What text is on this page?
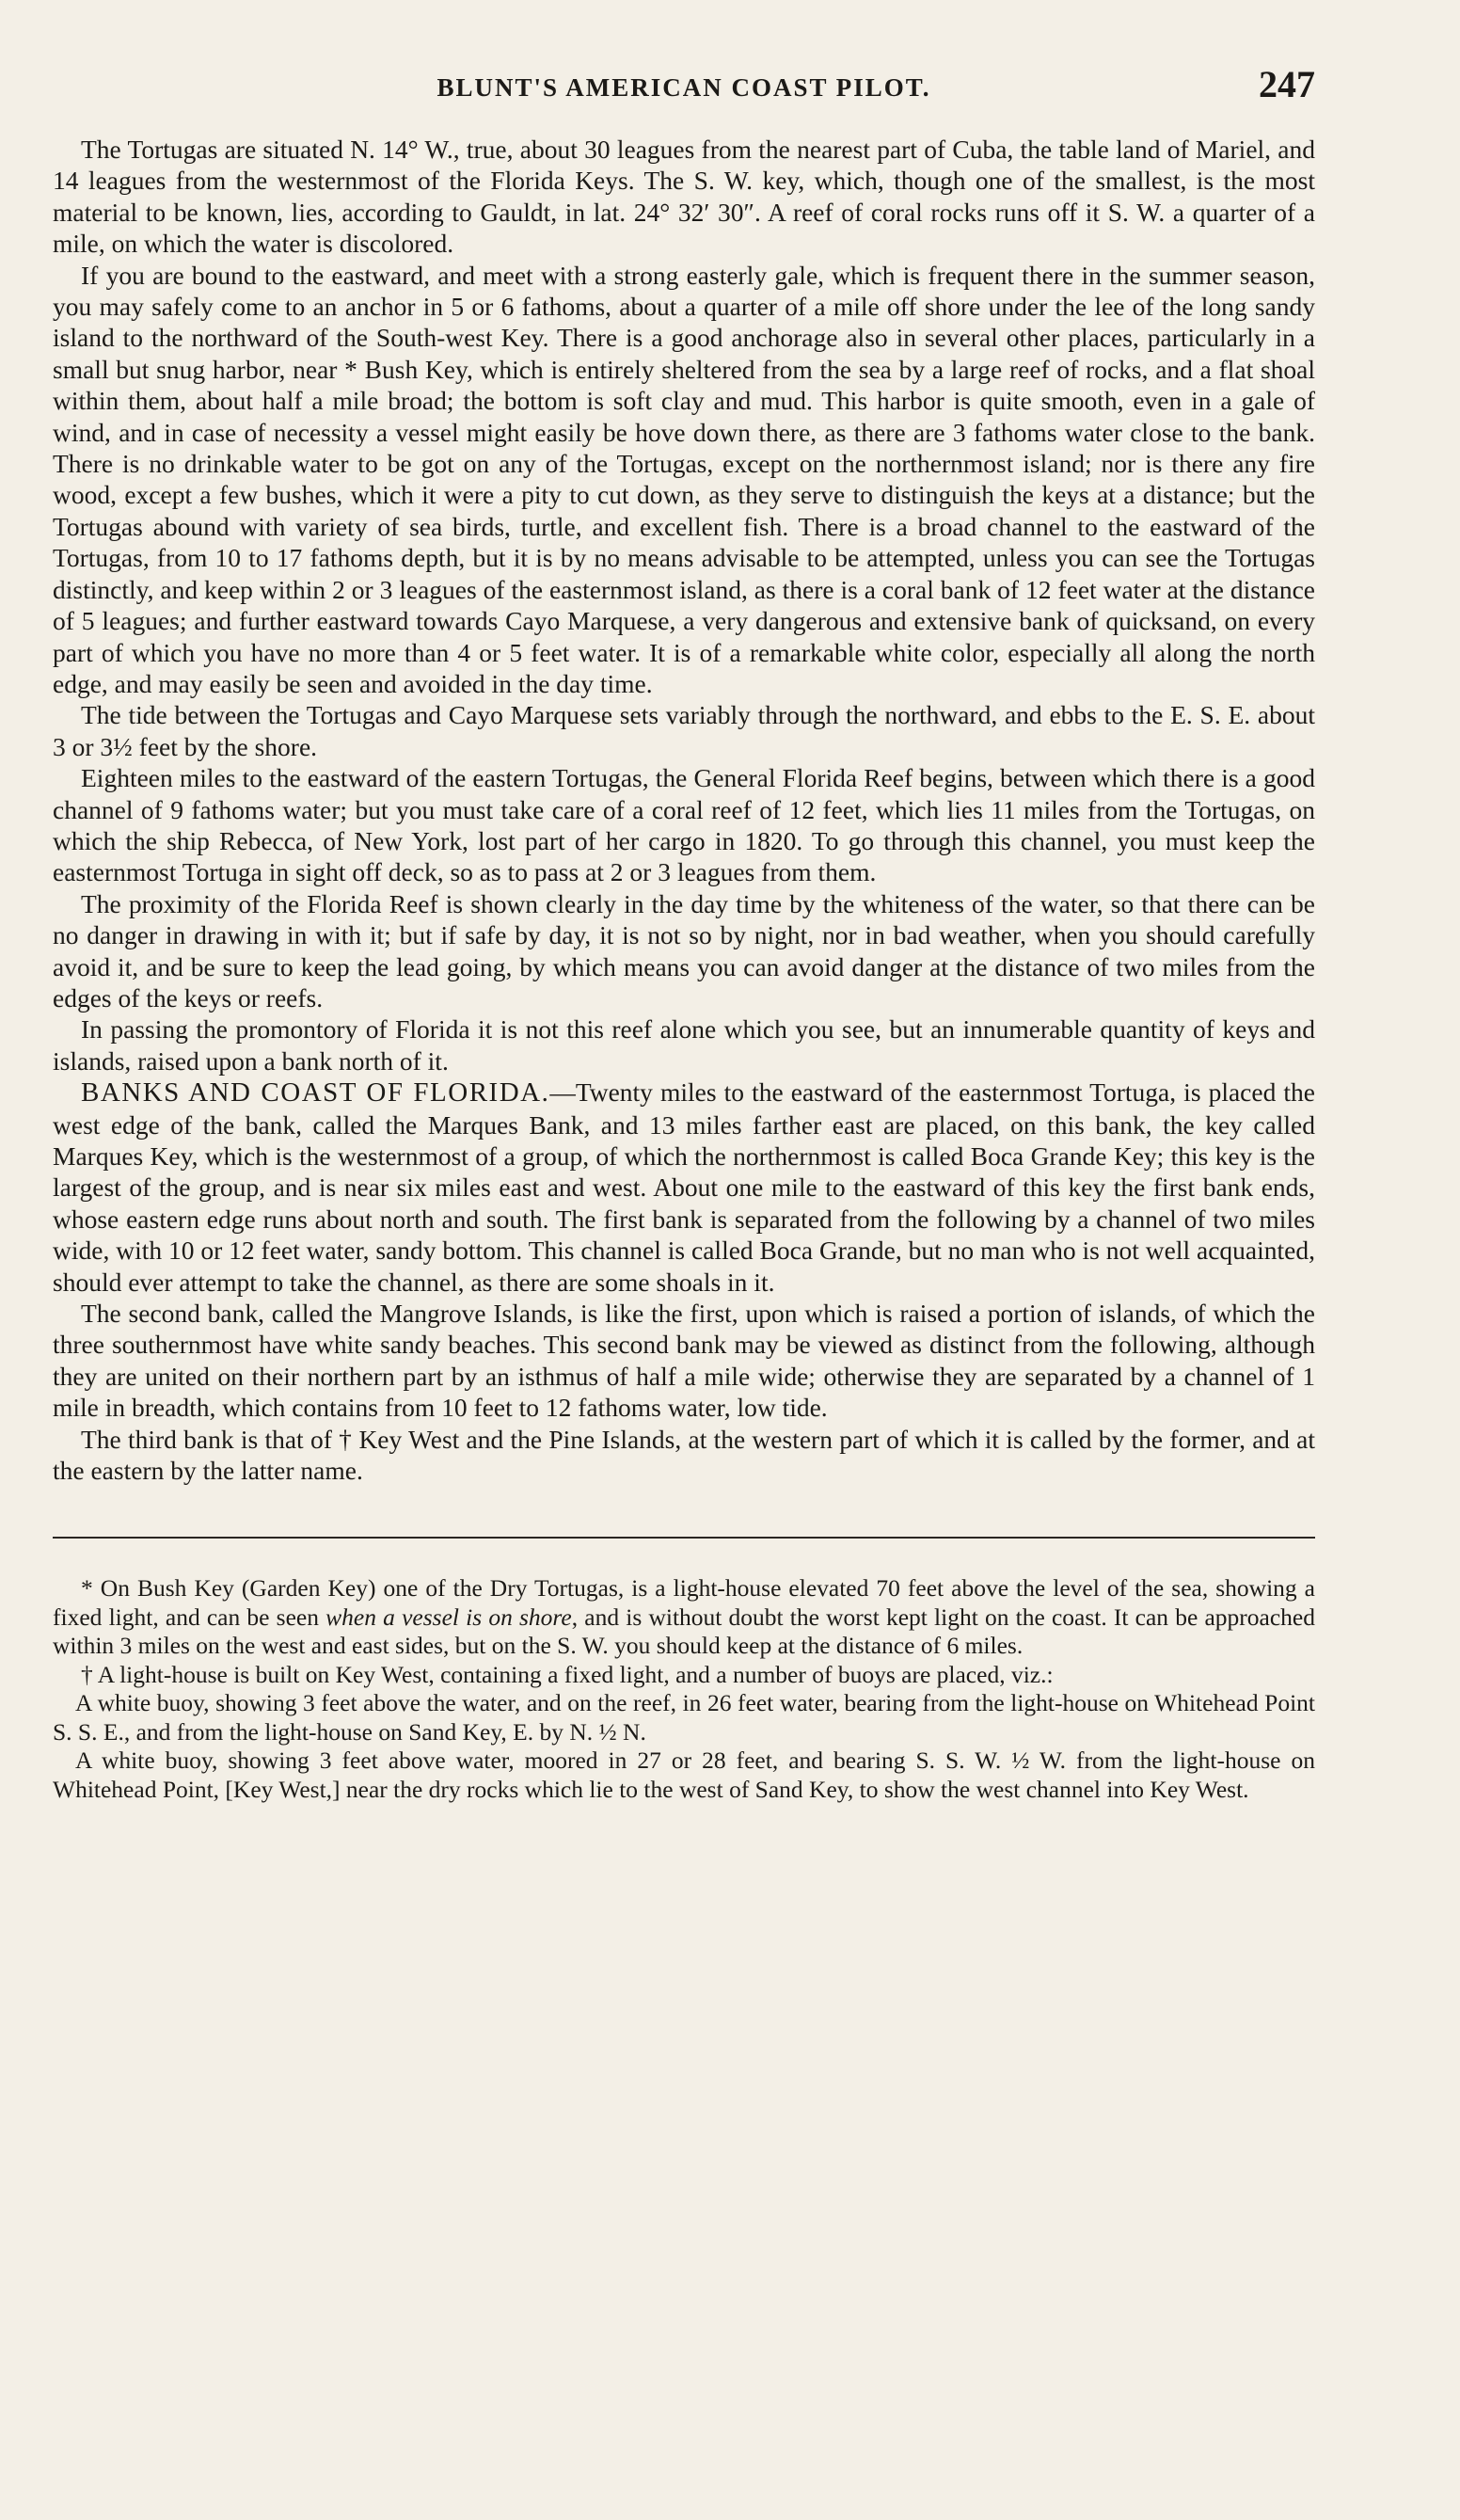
BLUNT'S AMERICAN COAST PILOT.	247

The Tortugas are situated N. 14° W., true, about 30 leagues from the nearest part of Cuba, the table land of Mariel, and 14 leagues from the westernmost of the Florida Keys. The S. W. key, which, though one of the smallest, is the most material to be known, lies, according to Gauldt, in lat. 24° 32′ 30″. A reef of coral rocks runs off it S. W. a quarter of a mile, on which the water is discolored.

If you are bound to the eastward, and meet with a strong easterly gale, which is frequent there in the summer season, you may safely come to an anchor in 5 or 6 fathoms, about a quarter of a mile off shore under the lee of the long sandy island to the northward of the South-west Key. There is a good anchorage also in several other places, particularly in a small but snug harbor, near * Bush Key, which is entirely sheltered from the sea by a large reef of rocks, and a flat shoal within them, about half a mile broad; the bottom is soft clay and mud. This harbor is quite smooth, even in a gale of wind, and in case of necessity a vessel might easily be hove down there, as there are 3 fathoms water close to the bank. There is no drinkable water to be got on any of the Tortugas, except on the northernmost island; nor is there any fire wood, except a few bushes, which it were a pity to cut down, as they serve to distinguish the keys at a distance; but the Tortugas abound with variety of sea birds, turtle, and excellent fish. There is a broad channel to the eastward of the Tortugas, from 10 to 17 fathoms depth, but it is by no means advisable to be attempted, unless you can see the Tortugas distinctly, and keep within 2 or 3 leagues of the easternmost island, as there is a coral bank of 12 feet water at the distance of 5 leagues; and further eastward towards Cayo Marquese, a very dangerous and extensive bank of quicksand, on every part of which you have no more than 4 or 5 feet water. It is of a remarkable white color, especially all along the north edge, and may easily be seen and avoided in the day time.

The tide between the Tortugas and Cayo Marquese sets variably through the northward, and ebbs to the E. S. E. about 3 or 3½ feet by the shore.

Eighteen miles to the eastward of the eastern Tortugas, the General Florida Reef begins, between which there is a good channel of 9 fathoms water; but you must take care of a coral reef of 12 feet, which lies 11 miles from the Tortugas, on which the ship Rebecca, of New York, lost part of her cargo in 1820. To go through this channel, you must keep the easternmost Tortuga in sight off deck, so as to pass at 2 or 3 leagues from them.

The proximity of the Florida Reef is shown clearly in the day time by the whiteness of the water, so that there can be no danger in drawing in with it; but if safe by day, it is not so by night, nor in bad weather, when you should carefully avoid it, and be sure to keep the lead going, by which means you can avoid danger at the distance of two miles from the edges of the keys or reefs.

In passing the promontory of Florida it is not this reef alone which you see, but an innumerable quantity of keys and islands, raised upon a bank north of it.

BANKS AND COAST OF FLORIDA.—Twenty miles to the eastward of the easternmost Tortuga, is placed the west edge of the bank, called the Marques Bank, and 13 miles farther east are placed, on this bank, the key called Marques Key, which is the westernmost of a group, of which the northernmost is called Boca Grande Key; this key is the largest of the group, and is near six miles east and west. About one mile to the eastward of this key the first bank ends, whose eastern edge runs about north and south. The first bank is separated from the following by a channel of two miles wide, with 10 or 12 feet water, sandy bottom. This channel is called Boca Grande, but no man who is not well acquainted, should ever attempt to take the channel, as there are some shoals in it.

The second bank, called the Mangrove Islands, is like the first, upon which is raised a portion of islands, of which the three southernmost have white sandy beaches. This second bank may be viewed as distinct from the following, although they are united on their northern part by an isthmus of half a mile wide; otherwise they are separated by a channel of 1 mile in breadth, which contains from 10 feet to 12 fathoms water, low tide.

The third bank is that of † Key West and the Pine Islands, at the western part of which it is called by the former, and at the eastern by the latter name.

* On Bush Key (Garden Key) one of the Dry Tortugas, is a light-house elevated 70 feet above the level of the sea, showing a fixed light, and can be seen when a vessel is on shore, and is without doubt the worst kept light on the coast. It can be approached within 3 miles on the west and east sides, but on the S. W. you should keep at the distance of 6 miles.

† A light-house is built on Key West, containing a fixed light, and a number of buoys are placed, viz.:

A white buoy, showing 3 feet above the water, and on the reef, in 26 feet water, bearing from the light-house on Whitehead Point S. S. E., and from the light-house on Sand Key, E. by N. ½ N.

A white buoy, showing 3 feet above water, moored in 27 or 28 feet, and bearing S. S. W. ½ W. from the light-house on Whitehead Point, [Key West,] near the dry rocks which lie to the west of Sand Key, to show the west channel into Key West.
